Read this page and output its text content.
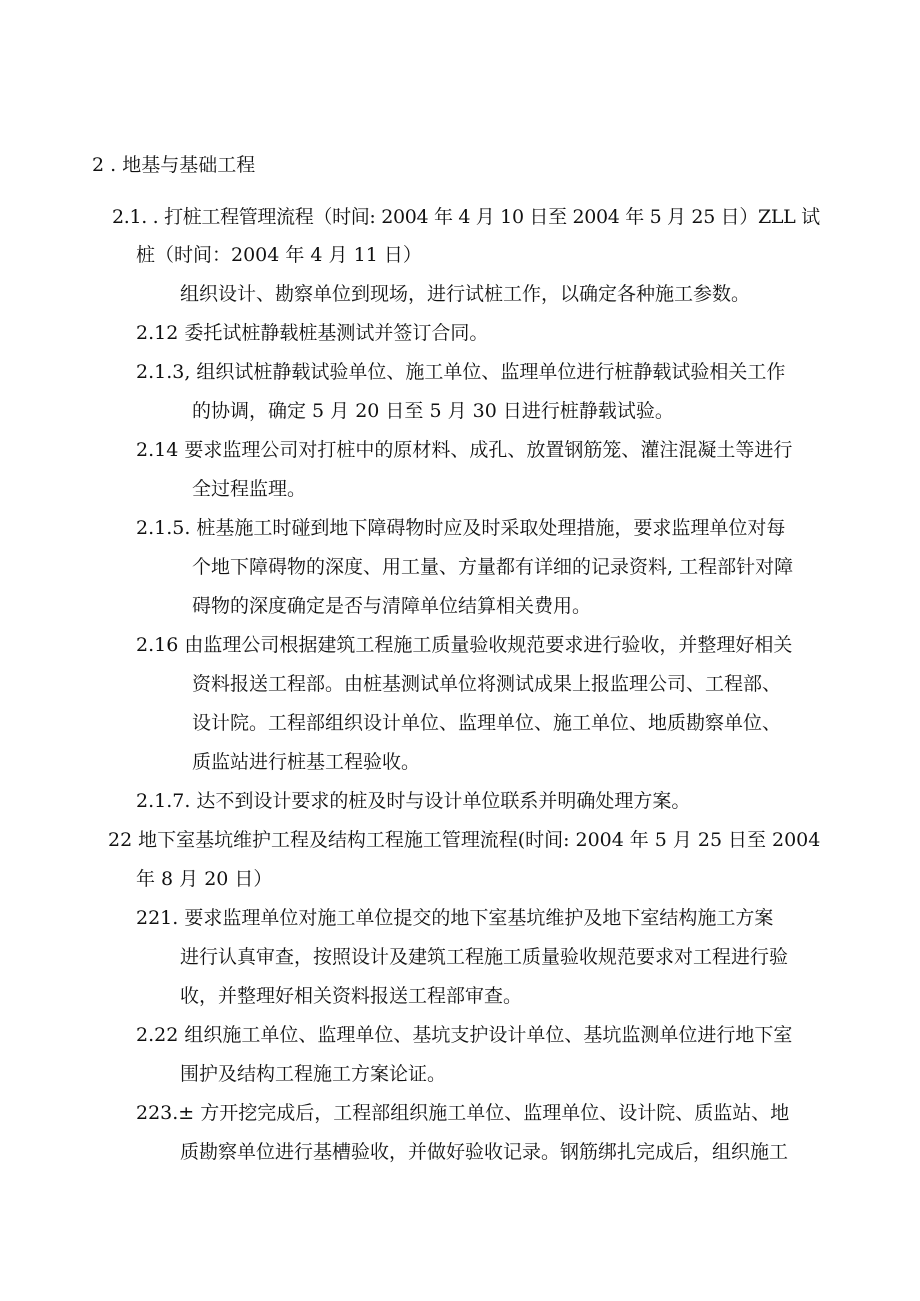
2 . 地基与基础工程
2.1. . 打桩工程管理流程（时间: 2004 年 4 月 10 日至 2004 年 5 月 25 日）ZLL 试
桩（时间：2004 年 4 月 11 日）
组织设计、勘察单位到现场，进行试桩工作，以确定各种施工参数。
2.12 委托试桩静载桩基测试并签订合同。
2.1.3, 组织试桩静载试验单位、施工单位、监理单位进行桩静载试验相关工作
的协调，确定 5 月 20 日至 5 月 30 日进行桩静载试验。
2.14 要求监理公司对打桩中的原材料、成孔、放置钢筋笼、灌注混凝土等进行
全过程监理。
2.1.5. 桩基施工时碰到地下障碍物时应及时采取处理措施，要求监理单位对每
个地下障碍物的深度、用工量、方量都有详细的记录资料, 工程部针对障
碍物的深度确定是否与清障单位结算相关费用。
2.16 由监理公司根据建筑工程施工质量验收规范要求进行验收，并整理好相关
资料报送工程部。由桩基测试单位将测试成果上报监理公司、工程部、
设计院。工程部组织设计单位、监理单位、施工单位、地质勘察单位、
质监站进行桩基工程验收。
2.1.7. 达不到设计要求的桩及时与设计单位联系并明确处理方案。
22 地下室基坑维护工程及结构工程施工管理流程(时间: 2004 年 5 月 25 日至 2004
年 8 月 20 日）
221. 要求监理单位对施工单位提交的地下室基坑维护及地下室结构施工方案
进行认真审查，按照设计及建筑工程施工质量验收规范要求对工程进行验
收，并整理好相关资料报送工程部审查。
2.22 组织施工单位、监理单位、基坑支护设计单位、基坑监测单位进行地下室
围护及结构工程施工方案论证。
223.± 方开挖完成后，工程部组织施工单位、监理单位、设计院、质监站、地
质勘察单位进行基槽验收，并做好验收记录。钢筋绑扎完成后，组织施工
